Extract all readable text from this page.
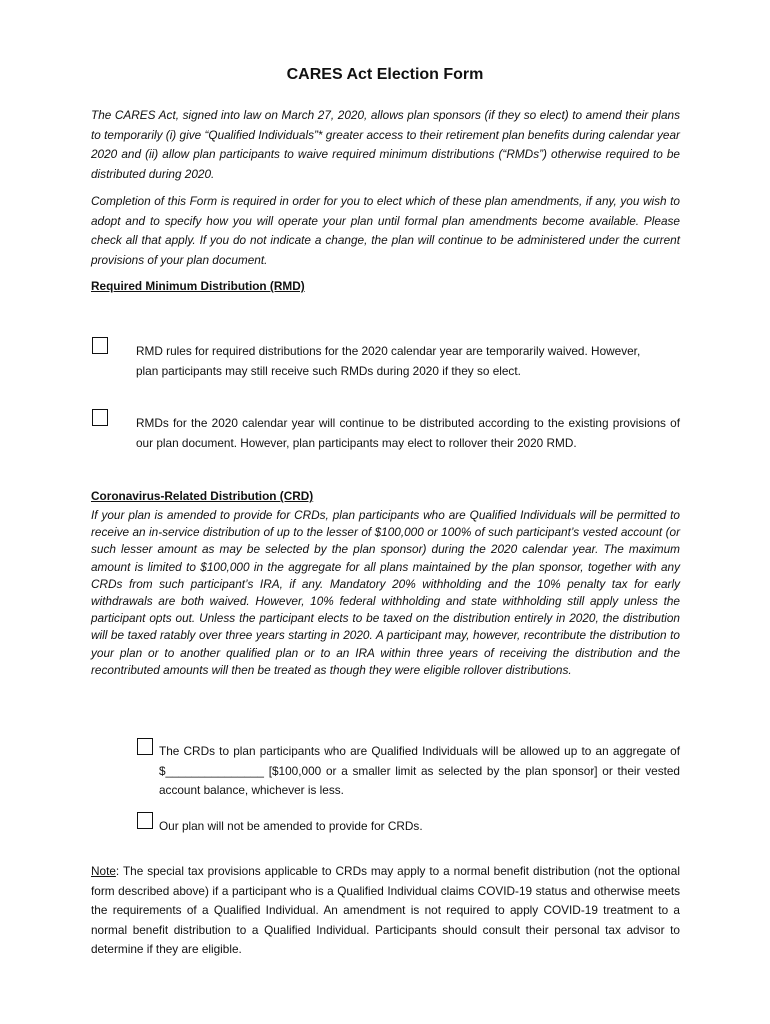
CARES Act Election Form

The CARES Act, signed into law on March 27, 2020, allows plan sponsors (if they so elect) to amend their plans to temporarily (i) give “Qualified Individuals”* greater access to their retirement plan benefits during calendar year 2020 and (ii) allow plan participants to waive required minimum distributions (“RMDs”) otherwise required to be distributed during 2020.

Completion of this Form is required in order for you to elect which of these plan amendments, if any, you wish to adopt and to specify how you will operate your plan until formal plan amendments become available. Please check all that apply. If you do not indicate a change, the plan will continue to be administered under the current provisions of your plan document.

Required Minimum Distribution (RMD)

RMD rules for required distributions for the 2020 calendar year are temporarily waived. However, plan participants may still receive such RMDs during 2020 if they so elect.

RMDs for the 2020 calendar year will continue to be distributed according to the existing provisions of our plan document. However, plan participants may elect to rollover their 2020 RMD.

Coronavirus-Related Distribution (CRD)

If your plan is amended to provide for CRDs, plan participants who are Qualified Individuals will be permitted to receive an in-service distribution of up to the lesser of $100,000 or 100% of such participant’s vested account (or such lesser amount as may be selected by the plan sponsor) during the 2020 calendar year. The maximum amount is limited to $100,000 in the aggregate for all plans maintained by the plan sponsor, together with any CRDs from such participant’s IRA, if any. Mandatory 20% withholding and the 10% penalty tax for early withdrawals are both waived. However, 10% federal withholding and state withholding still apply unless the participant opts out. Unless the participant elects to be taxed on the distribution entirely in 2020, the distribution will be taxed ratably over three years starting in 2020. A participant may, however, recontribute the distribution to your plan or to another qualified plan or to an IRA within three years of receiving the distribution and the recontributed amounts will then be treated as though they were eligible rollover distributions.

The CRDs to plan participants who are Qualified Individuals will be allowed up to an aggregate of $_______________ [$100,000 or a smaller limit as selected by the plan sponsor] or their vested account balance, whichever is less.

Our plan will not be amended to provide for CRDs.

Note: The special tax provisions applicable to CRDs may apply to a normal benefit distribution (not the optional form described above) if a participant who is a Qualified Individual claims COVID-19 status and otherwise meets the requirements of a Qualified Individual. An amendment is not required to apply COVID-19 treatment to a normal benefit distribution to a Qualified Individual. Participants should consult their personal tax advisor to determine if they are eligible.
